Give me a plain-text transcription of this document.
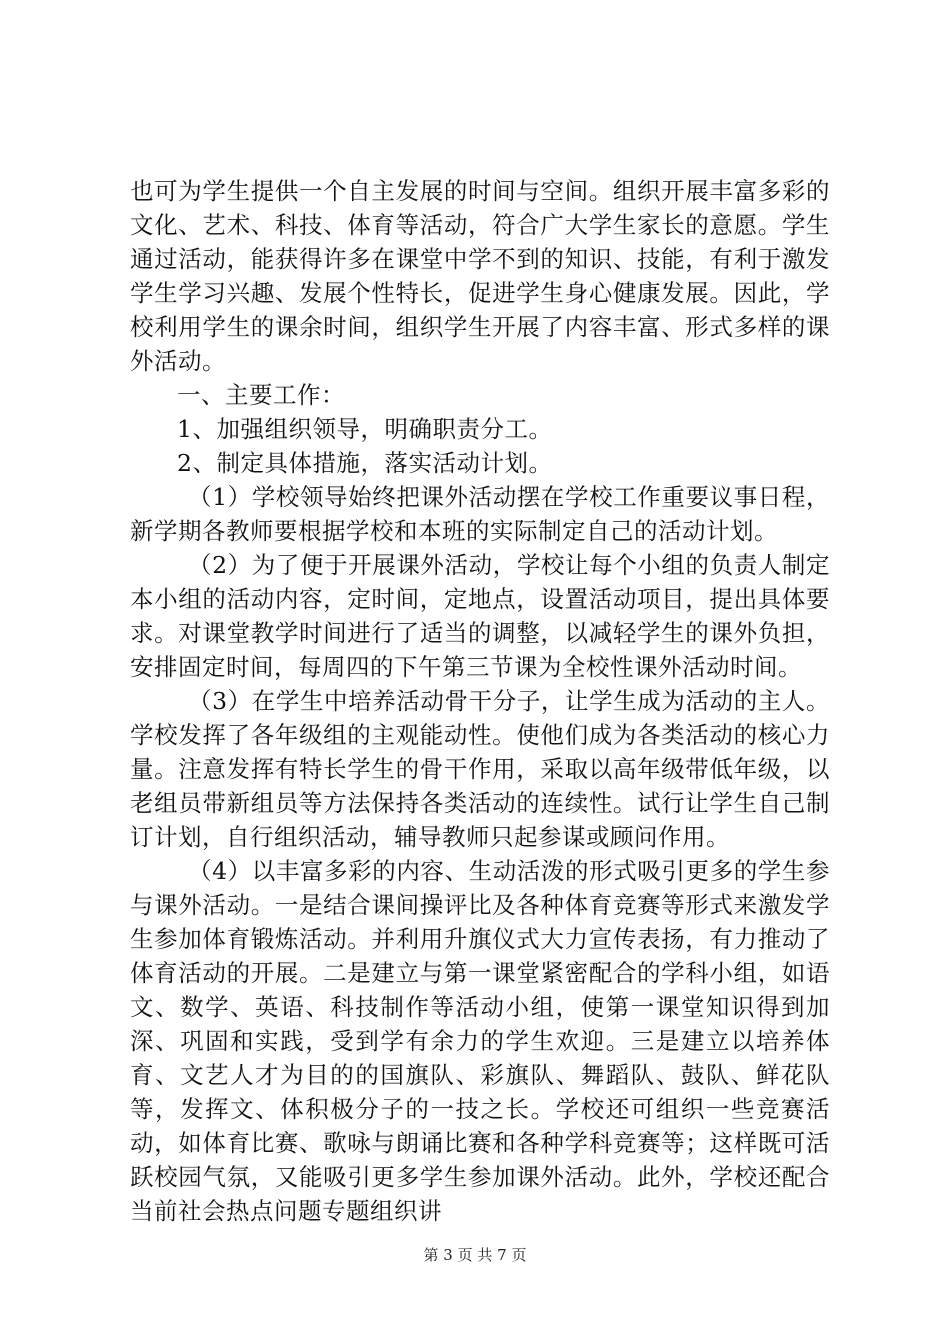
也可为学生提供一个自主发展的时间与空间。组织开展丰富多彩的文化、艺术、科技、体育等活动，符合广大学生家长的意愿。学生通过活动，能获得许多在课堂中学不到的知识、技能，有利于激发学生学习兴趣、发展个性特长，促进学生身心健康发展。因此，学校利用学生的课余时间，组织学生开展了内容丰富、形式多样的课外活动。

一、主要工作：

1、加强组织领导，明确职责分工。

2、制定具体措施，落实活动计划。

（1）学校领导始终把课外活动摆在学校工作重要议事日程，新学期各教师要根据学校和本班的实际制定自己的活动计划。

（2）为了便于开展课外活动，学校让每个小组的负责人制定本小组的活动内容，定时间，定地点，设置活动项目，提出具体要求。对课堂教学时间进行了适当的调整，以减轻学生的课外负担，安排固定时间，每周四的下午第三节课为全校性课外活动时间。

（3）在学生中培养活动骨干分子，让学生成为活动的主人。学校发挥了各年级组的主观能动性。使他们成为各类活动的核心力量。注意发挥有特长学生的骨干作用，采取以高年级带低年级，以老组员带新组员等方法保持各类活动的连续性。试行让学生自己制订计划，自行组织活动，辅导教师只起参谋或顾问作用。

（4）以丰富多彩的内容、生动活泼的形式吸引更多的学生参与课外活动。一是结合课间操评比及各种体育竞赛等形式来激发学生参加体育锻炼活动。并利用升旗仪式大力宣传表扬，有力推动了体育活动的开展。二是建立与第一课堂紧密配合的学科小组，如语文、数学、英语、科技制作等活动小组，使第一课堂知识得到加深、巩固和实践，受到学有余力的学生欢迎。三是建立以培养体育、文艺人才为目的的国旗队、彩旗队、舞蹈队、鼓队、鲜花队等，发挥文、体积极分子的一技之长。学校还可组织一些竞赛活动，如体育比赛、歌咏与朗诵比赛和各种学科竞赛等；这样既可活跃校园气氛，又能吸引更多学生参加课外活动。此外，学校还配合当前社会热点问题专题组织讲

第 3 页 共 7 页
